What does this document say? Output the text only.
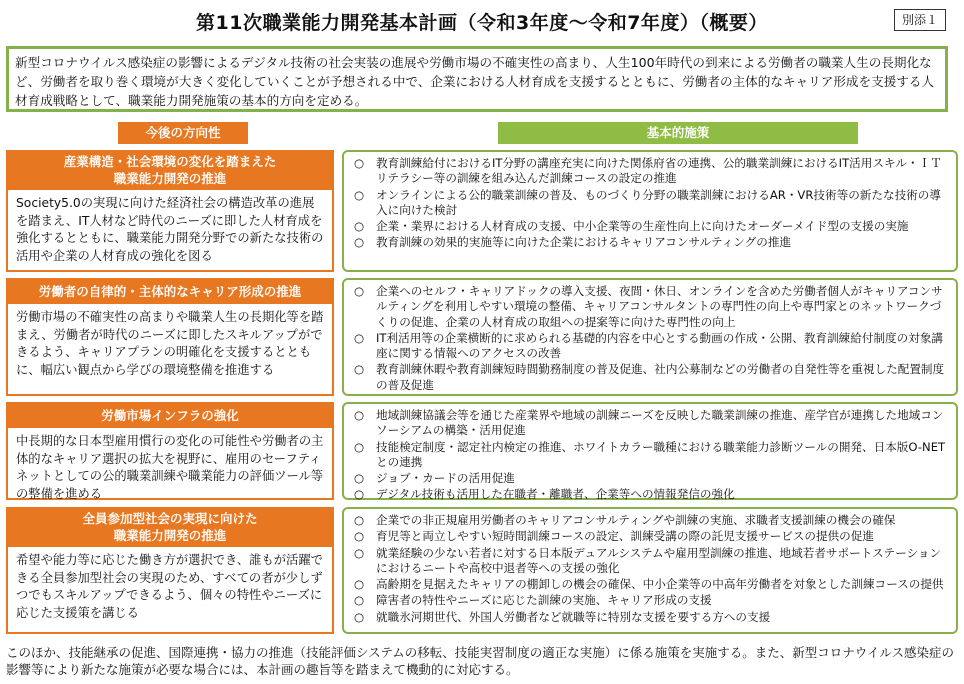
第11次職業能力開発基本計画（令和3年度～令和7年度）（概要）	別添１
新型コロナウイルス感染症の影響によるデジタル技術の社会実装の進展や労働市場の不確実性の高まり、人生100年時代の到来による労働者の職業人生の長期化など、労働者を取り巻く環境が大きく変化していくことが予想される中で、企業における人材育成を支援するとともに、労働者の主体的なキャリア形成を支援する人材育成戦略として、職業能力開発施策の基本的方向を定める。
今後の方向性	基本的施策
産業構造・社会環境の変化を踏まえた
職業能力開発の推進
Society5.0の実現に向けた経済社会の構造改革の進展を踏まえ、IT人材など時代のニーズに即した人材育成を強化するとともに、職業能力開発分野での新たな技術の活用や企業の人材育成の強化を図る
○	教育訓練給付におけるIT分野の講座充実に向けた関係府省の連携、公的職業訓練におけるIT活用スキル・ＩＴリテラシー等の訓練を組み込んだ訓練コースの設定の推進
○	オンラインによる公的職業訓練の普及、ものづくり分野の職業訓練におけるAR・VR技術等の新たな技術の導入に向けた検討
○	企業・業界における人材育成の支援、中小企業等の生産性向上に向けたオーダーメイド型の支援の実施
○	教育訓練の効果的実施等に向けた企業におけるキャリアコンサルティングの推進
労働者の自律的・主体的なキャリア形成の推進
労働市場の不確実性の高まりや職業人生の長期化等を踏まえ、労働者が時代のニーズに即したスキルアップができるよう、キャリアプランの明確化を支援するとともに、幅広い観点から学びの環境整備を推進する
○	企業へのセルフ・キャリアドックの導入支援、夜間・休日、オンラインを含めた労働者個人がキャリアコンサルティングを利用しやすい環境の整備、キャリアコンサルタントの専門性の向上や専門家とのネットワークづくりの促進、企業の人材育成の取組への提案等に向けた専門性の向上
○	IT利活用等の企業横断的に求められる基礎的内容を中心とする動画の作成・公開、教育訓練給付制度の対象講座に関する情報へのアクセスの改善
○	教育訓練休暇や教育訓練短時間勤務制度の普及促進、社内公募制などの労働者の自発性等を重視した配置制度の普及促進
労働市場インフラの強化
中長期的な日本型雇用慣行の変化の可能性や労働者の主体的なキャリア選択の拡大を視野に、雇用のセーフティネットとしての公的職業訓練や職業能力の評価ツール等の整備を進める
○	地域訓練協議会等を通じた産業界や地域の訓練ニーズを反映した職業訓練の推進、産学官が連携した地域コンソーシアムの構築・活用促進
○	技能検定制度・認定社内検定の推進、ホワイトカラー職種における職業能力診断ツールの開発、日本版O-NETとの連携
○	ジョブ・カードの活用促進
○	デジタル技術も活用した在職者・離職者、企業等への情報発信の強化
全員参加型社会の実現に向けた
職業能力開発の推進
希望や能力等に応じた働き方が選択でき、誰もが活躍できる全員参加型社会の実現のため、すべての者が少しずつでもスキルアップできるよう、個々の特性やニーズに応じた支援策を講じる
○	企業での非正規雇用労働者のキャリアコンサルティングや訓練の実施、求職者支援訓練の機会の確保
○	育児等と両立しやすい短時間訓練コースの設定、訓練受講の際の託児支援サービスの提供の促進
○	就業経験の少ない若者に対する日本版デュアルシステムや雇用型訓練の推進、地域若者サポートステーションにおけるニートや高校中退者等への支援の強化
○	高齢期を見据えたキャリアの棚卸しの機会の確保、中小企業等の中高年労働者を対象とした訓練コースの提供
○	障害者の特性やニーズに応じた訓練の実施、キャリア形成の支援
○	就職氷河期世代、外国人労働者など就職等に特別な支援を要する方への支援
このほか、技能継承の促進、国際連携・協力の推進（技能評価システムの移転、技能実習制度の適正な実施）に係る施策を実施する。また、新型コロナウイルス感染症の影響等により新たな施策が必要な場合には、本計画の趣旨等を踏まえて機動的に対応する。
